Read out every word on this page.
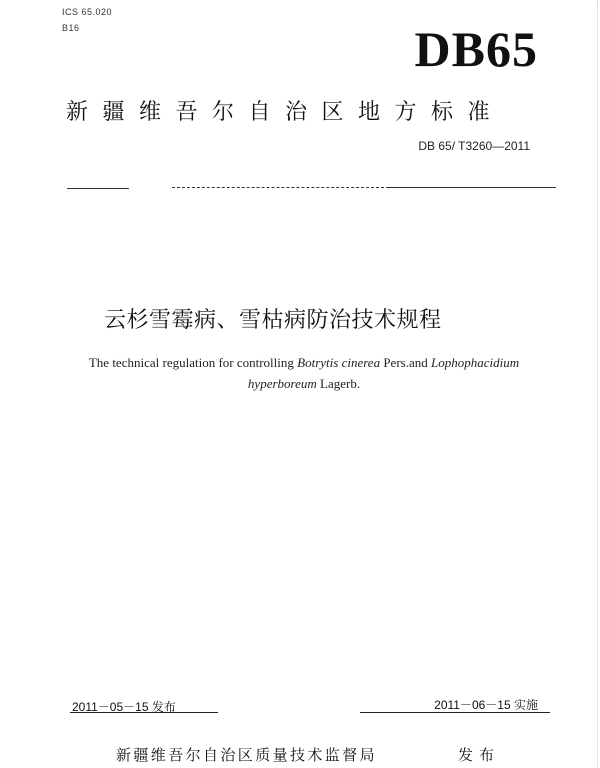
ICS 65.020
B16	DB65
新疆维吾尔自治区地方标准
DB 65/ T3260—2011
云杉雪霉病、雪枯病防治技术规程
The technical regulation for controlling Botrytis cinerea Pers.and Lophophacidium hyperboreum Lagerb.
2011－05－15 发布	2011－06－15 实施
新疆维吾尔自治区质量技术监督局	发布
